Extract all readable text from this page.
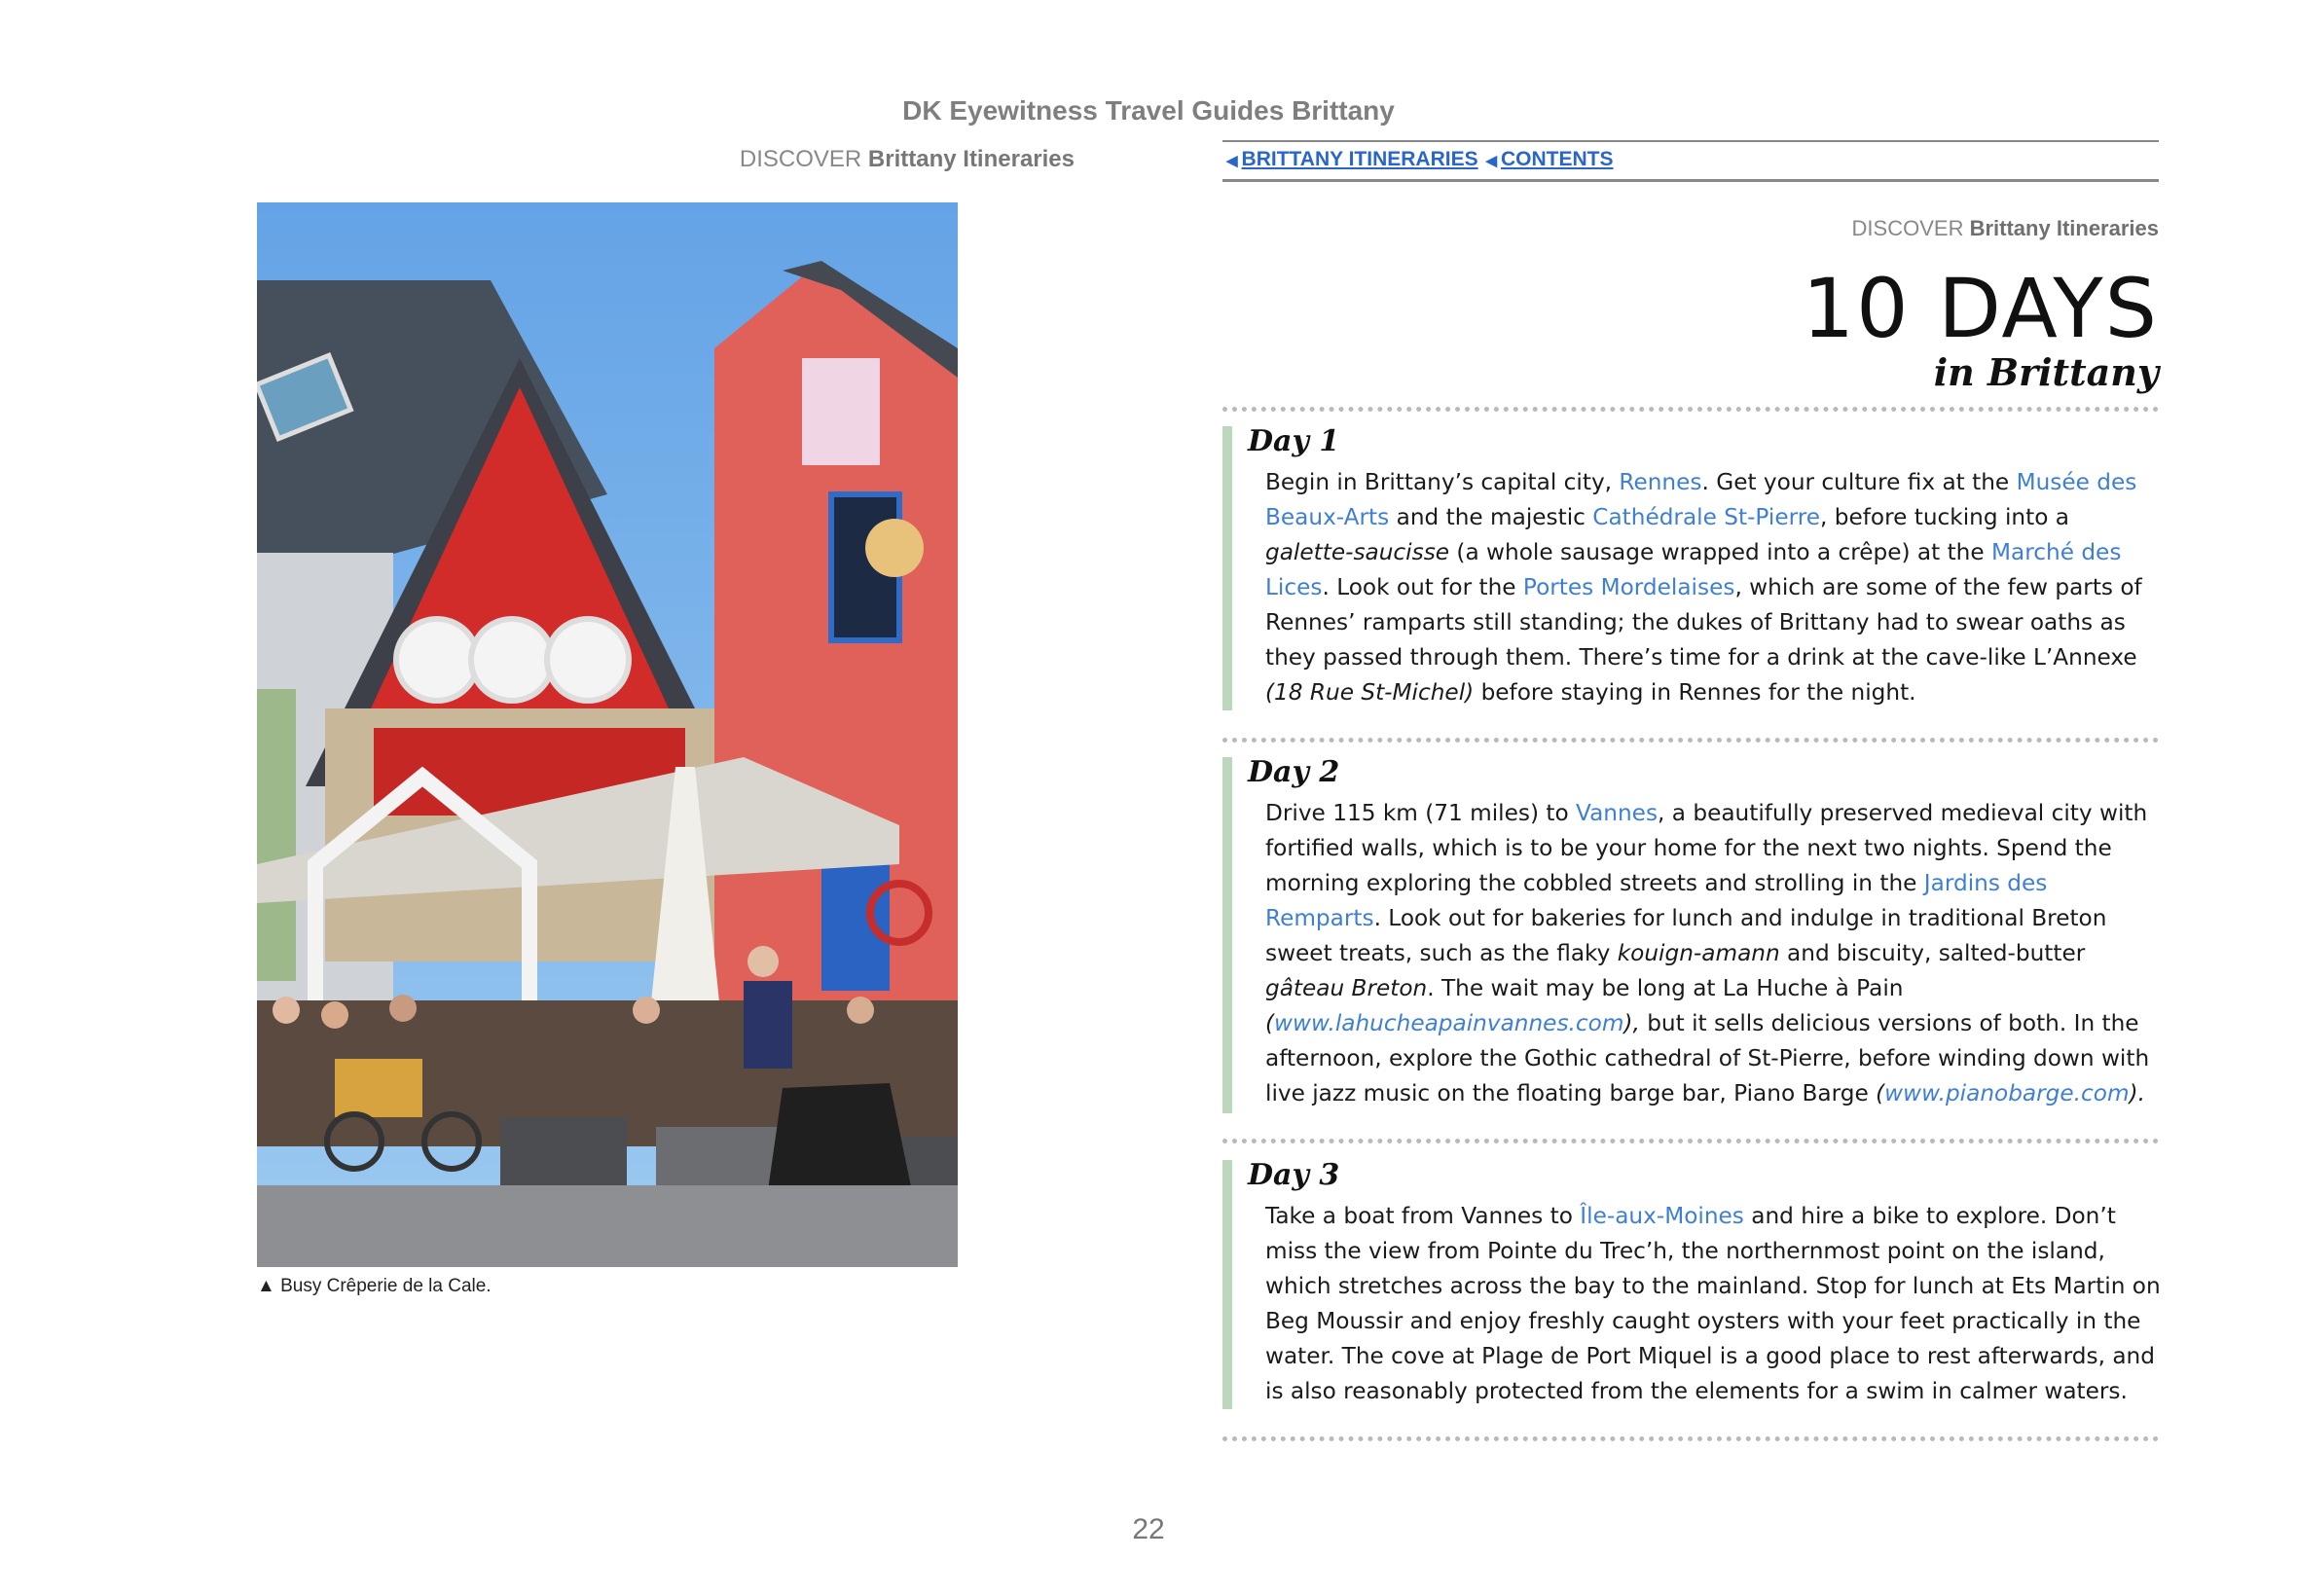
DK Eyewitness Travel Guides Brittany
DISCOVER Brittany Itineraries
▲ Busy Crêperie de la Cale.
◀ BRITTANY ITINERARIES ◀ CONTENTS
DISCOVER Brittany Itineraries
10 DAYS
in Brittany
Day 1

Begin in Brittany’s capital city, Rennes. Get your culture fix at the Musée des Beaux-Arts and the majestic Cathédrale St-Pierre, before tucking into a galette-saucisse (a whole sausage wrapped into a crêpe) at the Marché des Lices. Look out for the Portes Mordelaises, which are some of the few parts of Rennes’ ramparts still standing; the dukes of Brittany had to swear oaths as they passed through them. There’s time for a drink at the cave-like L’Annexe (18 Rue St-Michel) before staying in Rennes for the night.

Day 2

Drive 115 km (71 miles) to Vannes, a beautifully preserved medieval city with fortified walls, which is to be your home for the next two nights. Spend the morning exploring the cobbled streets and strolling in the Jardins des Remparts. Look out for bakeries for lunch and indulge in traditional Breton sweet treats, such as the flaky kouign-amann and biscuity, salted-butter gâteau Breton. The wait may be long at La Huche à Pain (www.lahucheapainvannes.com), but it sells delicious versions of both. In the afternoon, explore the Gothic cathedral of St-Pierre, before winding down with live jazz music on the floating barge bar, Piano Barge (www.pianobarge.com).

Day 3

Take a boat from Vannes to Île-aux-Moines and hire a bike to explore. Don’t miss the view from Pointe du Trec’h, the northernmost point on the island, which stretches across the bay to the mainland. Stop for lunch at Ets Martin on Beg Moussir and enjoy freshly caught oysters with your feet practically in the water. The cove at Plage de Port Miquel is a good place to rest afterwards, and is also reasonably protected from the elements for a swim in calmer waters.

22
